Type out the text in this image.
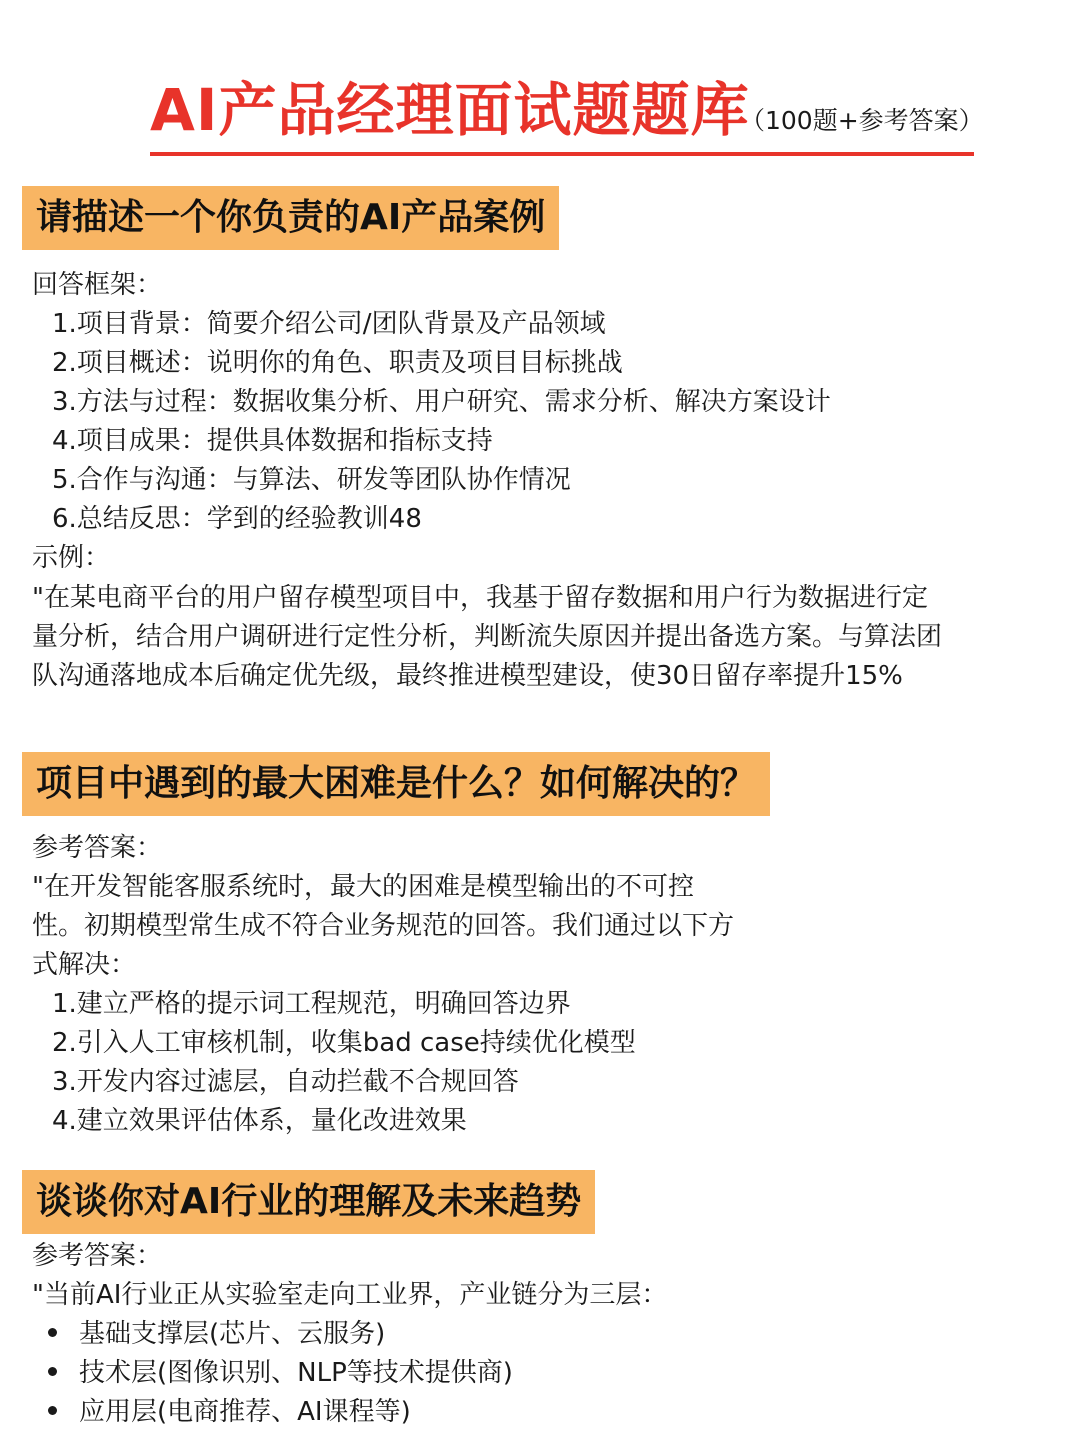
AI产品经理面试题题库
（100题+参考答案）
请描述一个你负责的AI产品案例
回答框架：
1.项目背景：简要介绍公司/团队背景及产品领域
2.项目概述：说明你的角色、职责及项目目标挑战
3.方法与过程：数据收集分析、用户研究、需求分析、解决方案设计
4.项目成果：提供具体数据和指标支持
5.合作与沟通：与算法、研发等团队协作情况
6.总结反思：学到的经验教训48
示例：
"在某电商平台的用户留存模型项目中，我基于留存数据和用户行为数据进行定
量分析，结合用户调研进行定性分析，判断流失原因并提出备选方案。与算法团
队沟通落地成本后确定优先级，最终推进模型建设，使30日留存率提升15%
项目中遇到的最大困难是什么？如何解决的？
参考答案：
"在开发智能客服系统时，最大的困难是模型输出的不可控
性。初期模型常生成不符合业务规范的回答。我们通过以下方
式解决：
1.建立严格的提示词工程规范，明确回答边界
2.引入人工审核机制，收集bad case持续优化模型
3.开发内容过滤层，自动拦截不合规回答
4.建立效果评估体系，量化改进效果
谈谈你对AI行业的理解及未来趋势
参考答案：
"当前AI行业正从实验室走向工业界，产业链分为三层：
基础支撑层(芯片、云服务)
技术层(图像识别、NLP等技术提供商)
应用层(电商推荐、AI课程等)
